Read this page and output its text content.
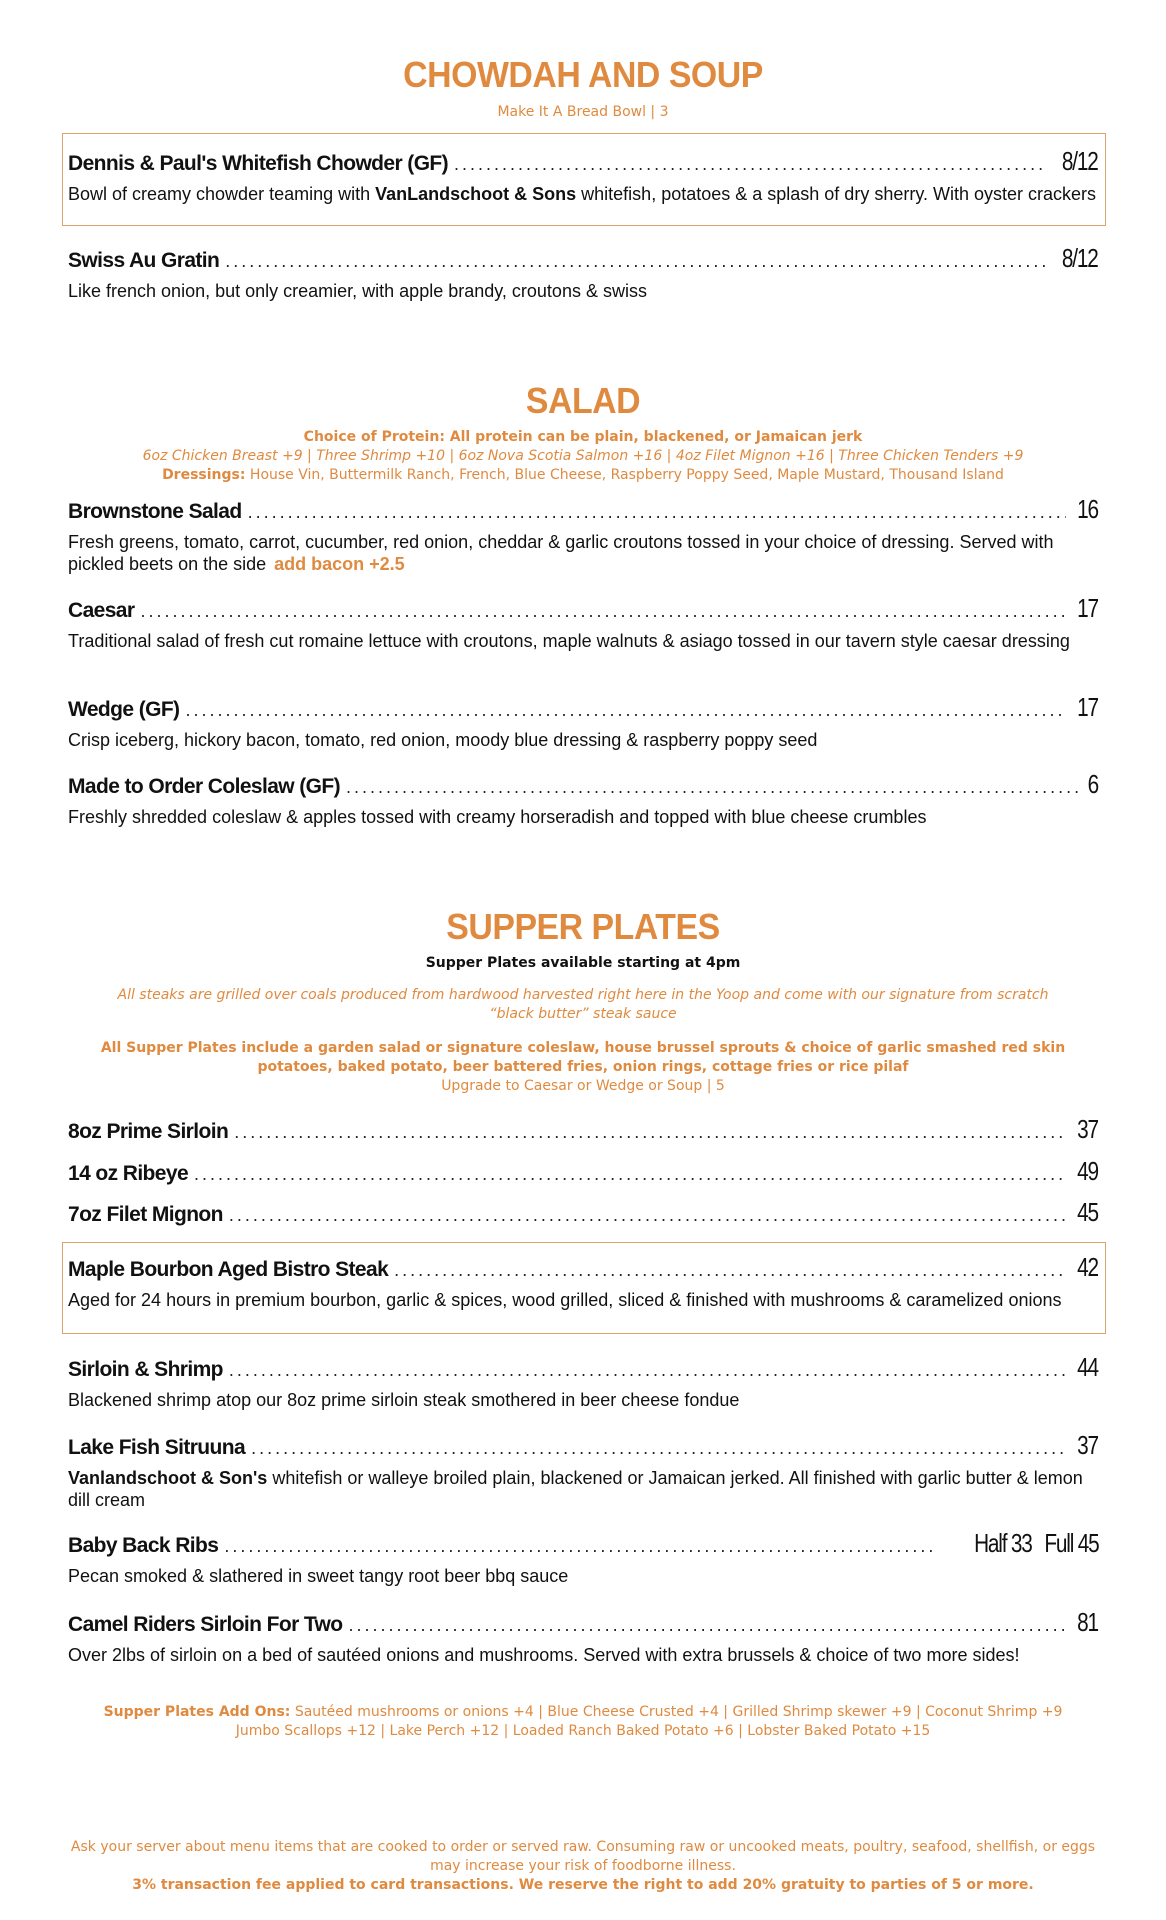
CHOWDAH AND SOUP
Make It A Bread Bowl | 3
Dennis & Paul's Whitefish Chowder (GF) .....	8/12
Bowl of creamy chowder teaming with VanLandschoot & Sons whitefish, potatoes & a splash of dry sherry. With oyster crackers
Swiss Au Gratin .....	8/12
Like french onion, but only creamier, with apple brandy, croutons & swiss
SALAD
Choice of Protein: All protein can be plain, blackened, or Jamaican jerk
6oz Chicken Breast +9 | Three Shrimp +10 | 6oz Nova Scotia Salmon +16 | 4oz Filet Mignon +16 | Three Chicken Tenders +9
Dressings: House Vin, Buttermilk Ranch, French, Blue Cheese, Raspberry Poppy Seed, Maple Mustard, Thousand Island
Brownstone Salad .....	16
Fresh greens, tomato, carrot, cucumber, red onion, cheddar & garlic croutons tossed in your choice of dressing. Served with pickled beets on the side add bacon +2.5
Caesar .....	17
Traditional salad of fresh cut romaine lettuce with croutons, maple walnuts & asiago tossed in our tavern style caesar dressing
Wedge (GF) .....	17
Crisp iceberg, hickory bacon, tomato, red onion, moody blue dressing & raspberry poppy seed
Made to Order Coleslaw (GF) .....	6
Freshly shredded coleslaw & apples tossed with creamy horseradish and topped with blue cheese crumbles
SUPPER PLATES
Supper Plates available starting at 4pm
All steaks are grilled over coals produced from hardwood harvested right here in the Yoop and come with our signature from scratch “black butter” steak sauce
All Supper Plates include a garden salad or signature coleslaw, house brussel sprouts & choice of garlic smashed red skin potatoes, baked potato, beer battered fries, onion rings, cottage fries or rice pilaf
Upgrade to Caesar or Wedge or Soup | 5
8oz Prime Sirloin .....	37
14 oz Ribeye .....	49
7oz Filet Mignon .....	45
Maple Bourbon Aged Bistro Steak .....	42
Aged for 24 hours in premium bourbon, garlic & spices, wood grilled, sliced & finished with mushrooms & caramelized onions
Sirloin & Shrimp .....	44
Blackened shrimp atop our 8oz prime sirloin steak smothered in beer cheese fondue
Lake Fish Sitruuna .....	37
Vanlandschoot & Son's whitefish or walleye broiled plain, blackened or Jamaican jerked. All finished with garlic butter & lemon dill cream
Baby Back Ribs .....	Half 33 Full 45
Pecan smoked & slathered in sweet tangy root beer bbq sauce
Camel Riders Sirloin For Two .....	81
Over 2lbs of sirloin on a bed of sautéed onions and mushrooms. Served with extra brussels & choice of two more sides!
Supper Plates Add Ons: Sautéed mushrooms or onions +4 | Blue Cheese Crusted +4 | Grilled Shrimp skewer +9 | Coconut Shrimp +9
Jumbo Scallops +12 | Lake Perch +12 | Loaded Ranch Baked Potato +6 | Lobster Baked Potato +15
Ask your server about menu items that are cooked to order or served raw. Consuming raw or uncooked meats, poultry, seafood, shellfish, or eggs may increase your risk of foodborne illness.
3% transaction fee applied to card transactions. We reserve the right to add 20% gratuity to parties of 5 or more.
